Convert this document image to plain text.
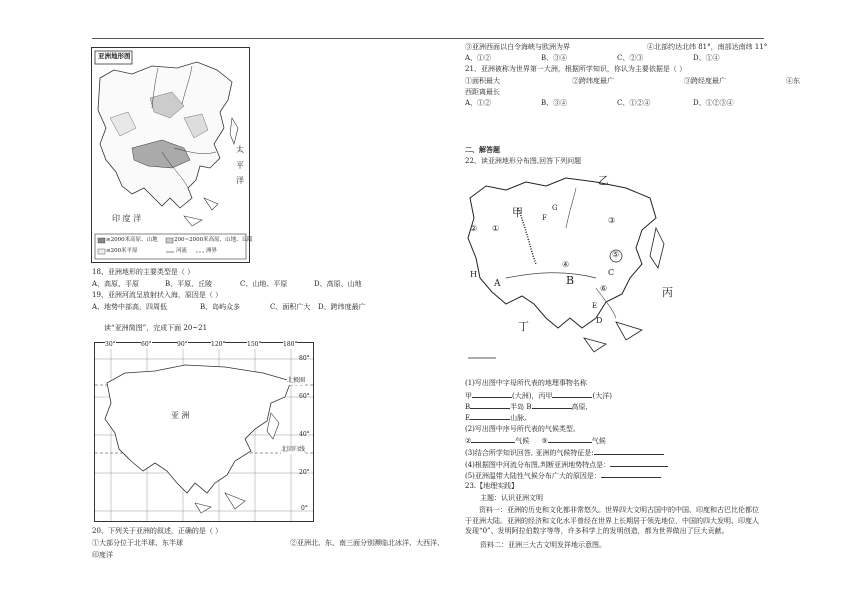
亚洲地形图
太
平
洋
印 度 洋
≥2000米高原、山地	200~2000米高原、山地、丘陵
≤200米平原	河流	洲界
18、亚洲地形的主要类型是（ ）
A、高原、平原	B、平原、丘陵	C、山地、平原	D、高原、山地
19、亚洲河流呈放射状入海，原因是（ ）
A、地势中部高，四周低	B、岛屿众多	C、面积广大 D、跨纬度最广
读“亚洲简图”，完成下面 20~21
30°	60°	90°	120°	150°	180°
80°
60°
40°
20°
0°
亚 洲
北极圈
北回归线
20、下列关于亚洲的叙述，正确的是（ ）
①大部分位于北半球、东半球	②亚洲北、东、南三面分别濒临北冰洋、大西洋、
印度洋
③亚洲西面以白令海峡与欧洲为界	④北部约达北纬 81°，南部达南纬 11°
A、①②	B、③④	C、②③	D、①④
21、亚洲被称为世界第一大洲，根据所学知识，你认为主要依据是（ ）
①面积最大	②跨纬度最广	③跨经度最广	④东
西距离最长
A、①②	B、③④	C、①②④	D、①②③④
二、解答题
22、读亚洲地形分布图,回答下列问题
乙
甲	G
F
①
②
③
④
⑤
⑥
A	B
C
D
E
H
丙
丁
(1)写出图中字母所代表的地理事物名称
甲	(大洲)，丙甲	(大洋)
B	半岛 B	高原,
E	山脉,
(2)写出图中序号所代表的气候类型。
②	气候 ⑤	气候
(3)结合所学知识回答, 亚洲的气候特征是:
(4)根据图中河流分布图,判断亚洲地势特点是：
(5)亚洲温带大陆性气候分布广大的原因是：
23.【地理实践】
主题：认识亚洲文明
资料一：亚洲的历史和文化都非常悠久。世界四大文明古国中的中国、印度和古巴比伦都位于亚洲大陆。亚洲的经济和文化水平曾经在世界上长期居于领先地位，中国的四大发明、印度人发现“0”、发明阿拉伯数字等等，许多科学上的发明创造，都为世界做出了巨大贡献。
资料二：亚洲三大古文明发祥地示意图。
